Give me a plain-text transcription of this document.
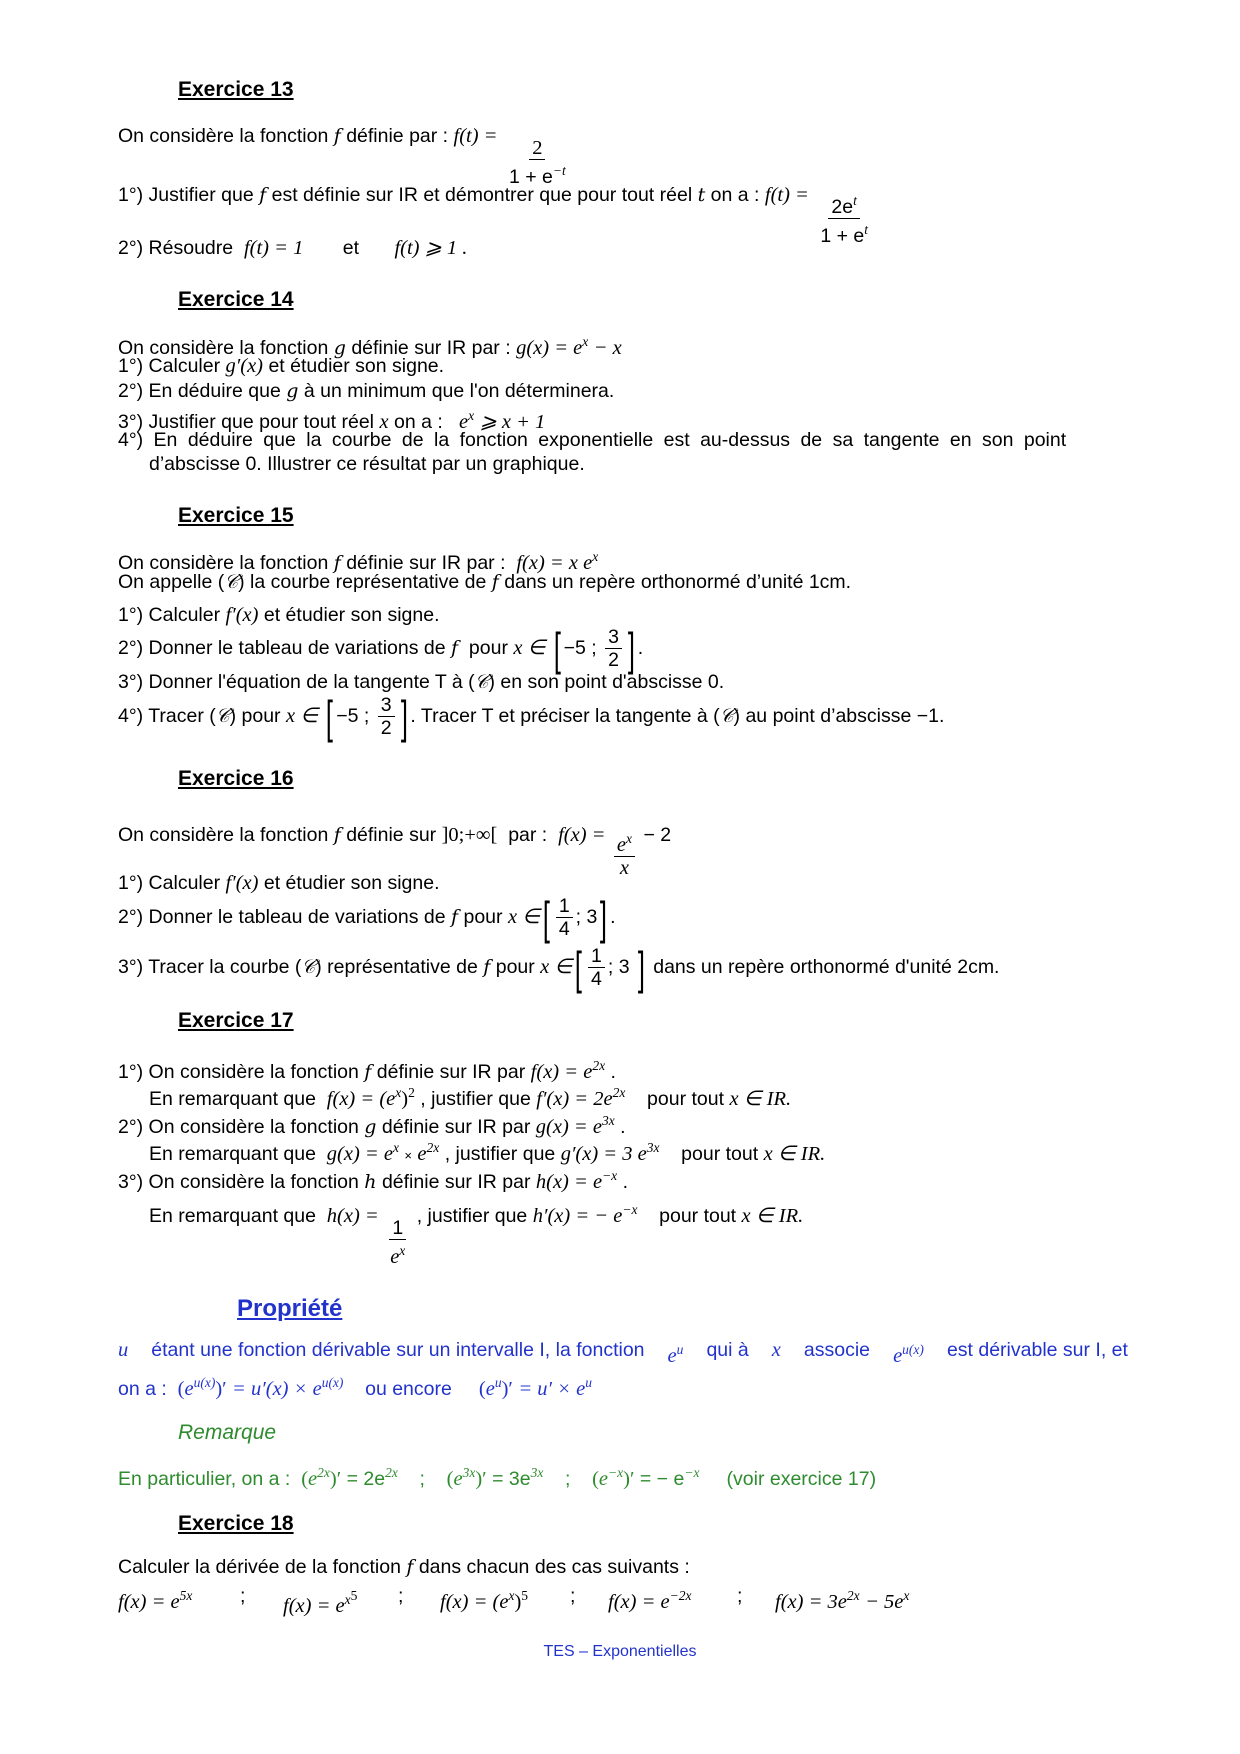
Exercice 13
On considère la fonction f définie par : f(t) =
$\frac{2}{1 + e^{-t}}$
1°) Justifier que f est définie sur IR et démontrer que pour tout réel t on a : $f(t) = \frac{2e^t}{1 + e^t}$
2°) Résoudre f(t) = 1 et f(t) ⩾ 1 .
Exercice 14
On considère la fonction g définie sur IR par : $g(x) = e^x - x$
1°) Calculer g′(x) et étudier son signe.
2°) En déduire que g à un minimum que l'on déterminera.
3°) Justifier que pour tout réel x on a : $e^x$ ⩾ x + 1
4°) En déduire que la courbe de la fonction exponentielle est au-dessus de sa tangente en son point
d’abscisse 0. Illustrer ce résultat par un graphique.
Exercice 15
On considère la fonction f définie sur IR par : f(x) = x $e^x$
On appelle (𝒞) la courbe représentative de f dans un repère orthonormé d’unité 1cm.
1°) Calculer f′(x) et étudier son signe.
2°) Donner le tableau de variations de f pour x ∈ [ −5 ; $\frac{3}{2}$ ] .
3°) Donner l'équation de la tangente T à (𝒞) en son point d'abscisse 0.
4°) Tracer (𝒞) pour x ∈ [ −5 ; $\frac{3}{2}$ ] . Tracer T et préciser la tangente à (𝒞) au point d’abscisse −1.
Exercice 16
On considère la fonction f définie sur ]0;+∞[ par : $f(x) = \frac{e^x}{x} - 2$
1°) Calculer f′(x) et étudier son signe.
2°) Donner le tableau de variations de f pour x ∈[ $\frac{1}{4}$ ; 3] .
3°) Tracer la courbe (𝒞) représentative de f pour x ∈[ $\frac{1}{4}$ ; 3 ] dans un repère orthonormé d'unité 2cm.
Exercice 17
1°) On considère la fonction f définie sur IR par $f(x) = e^{2x}$ .
En remarquant que $f(x) = (e^x)^2$ , justifier que $f'(x) = 2e^{2x}$ pour tout x ∈ IR.
2°) On considère la fonction g définie sur IR par $g(x) = e^{3x}$ .
En remarquant que $g(x) = e^x \times e^{2x}$ , justifier que g′(x) = 3 $e^{3x}$ pour tout x ∈ IR.
3°) On considère la fonction h définie sur IR par $h(x) = e^{-x}$ .
En remarquant que h(x) =
$\frac{1}{e^x}$
, justifier que h′(x) = − $e^{-x}$ pour tout x ∈ IR.
Propriété
u étant une fonction dérivable sur un intervalle I, la fonction $e^u$ qui à x associe $e^{u(x)}$ est dérivable sur I, et
on a : $(e^{u(x)})' = u'(x) \times e^{u(x)}$ ou encore $(e^u)' = u' \times e^u$
Remarque
En particulier, on a : $(e^{2x})' = 2e^{2x}$ ; $(e^{3x})' = 3e^{3x}$ ; $(e^{-x})'$ = − $e^{-x}$ (voir exercice 17)
Exercice 18
Calculer la dérivée de la fonction f dans chacun des cas suivants :
$f(x) = e^{5x}$ ; $f(x) = e^{x5}$ ; $f(x) = (e^x)^5$ ; $f(x) = e^{-2x}$ ; $f(x) = 3e^{2x} - 5e^x$
TES – Exponentielles
